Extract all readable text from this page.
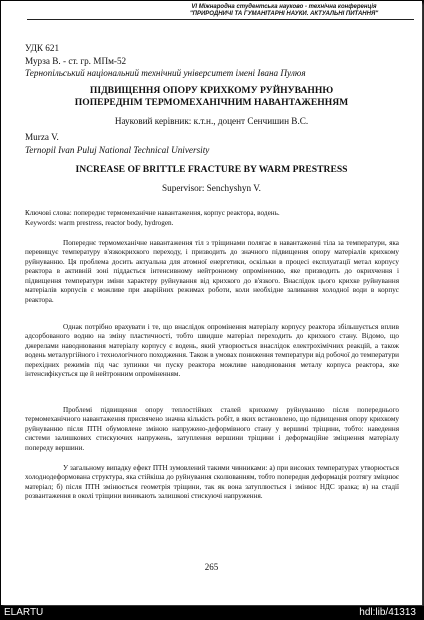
VI Міжнародна студентська науково - технічна конференція
"ПРИРОДНИЧІ ТА ГУМАНІТАРНІ НАУКИ. АКТУАЛЬНІ ПИТАННЯ"
УДК 621
Мурза В. - ст. гр. МПм-52
Тернопільський національний технічний університет імені Івана Пулюя
ПІДВИЩЕННЯ ОПОРУ КРИХКОМУ РУЙНУВАННЮ
ПОПЕРЕДНІМ ТЕРМОМЕХАНІЧНИМ НАВАНТАЖЕННЯМ
Науковий керівник: к.т.н., доцент Сенчишин В.С.
Murza V.
Ternopil Ivan Puluj National Technical University
INCREASE OF BRITTLE FRACTURE BY WARM PRESTRESS
Supervisor: Senchyshyn V.
Ключові слова: попереднє термомеханічне навантаження, корпус реактора, водень.
Keywords: warm prestress, reactor body, hydrogen.
Попереднє термомеханічне навантаження тіл з тріщинами полягає в навантаженні тіла за температури, яка перевищує температуру в'язкокрихкого переходу, і призводить до значного підвищення опору матеріалів крихкому руйнуванню. Ця проблема досить актуальна для атомної енергетики, оскільки в процесі експлуатації метал корпусу реактора в активній зоні піддається інтенсивному нейтронному опроміненню, яке призводить до окрихчення і підвищення температури зміни характеру руйнування від крихкого до в'язкого. Внаслідок цього крихке руйнування матеріалів корпусів є можливе при аварійних режимах роботи, коли необхідне заливання холодної води в корпус реактора.
Однак потрібно врахувати і те, що внаслідок опромінення матеріалу корпусу реактора збільшується вплив адсорбованого водню на зміну пластичності, тобто швидше матеріал переходить до крихкого стану. Відомо, що джерелами наводнювання матеріалу корпусу є водень, який утворюється внаслідок електрохімічних реакцій, а також водень металургійного і технологічного походження. Також в умовах пониження температури від робочої до температури перехідних режимів під час зупинки чи пуску реактора можливе наводнювання металу корпуса реактора, яке інтенсифікується ще й нейтронним опроміненням.
Проблемі підвищення опору теплостійких сталей крихкому руйнуванню після попереднього термомеханічного навантаження присвячено значна кількість робіт, в яких встановлено, що підвищення опору крихкому руйнуванню після ПТН обумовлене зміною напружено-деформівного стану у вершині тріщини, тобто: наведення системи залишкових стискуючих напружень, затуплення вершини тріщини і деформаційне зміцнення матеріалу попереду вершини.
У загальному випадку ефект ПТН зумовлений такими чинниками: а) при високих температурах утворюється холоднодеформована структура, яка стійкіша до руйнування сколюванням, тобто попередня деформація розтягу зміцнює матеріал; б) після ПТН змінюється геометрія тріщини, так як вона затуплюється і змінює НДС зразка; в) на стадії розвантаження в околі тріщини виникають залишкові стискуючі напруження.
265
ELARTU	hdl:lib/41313
